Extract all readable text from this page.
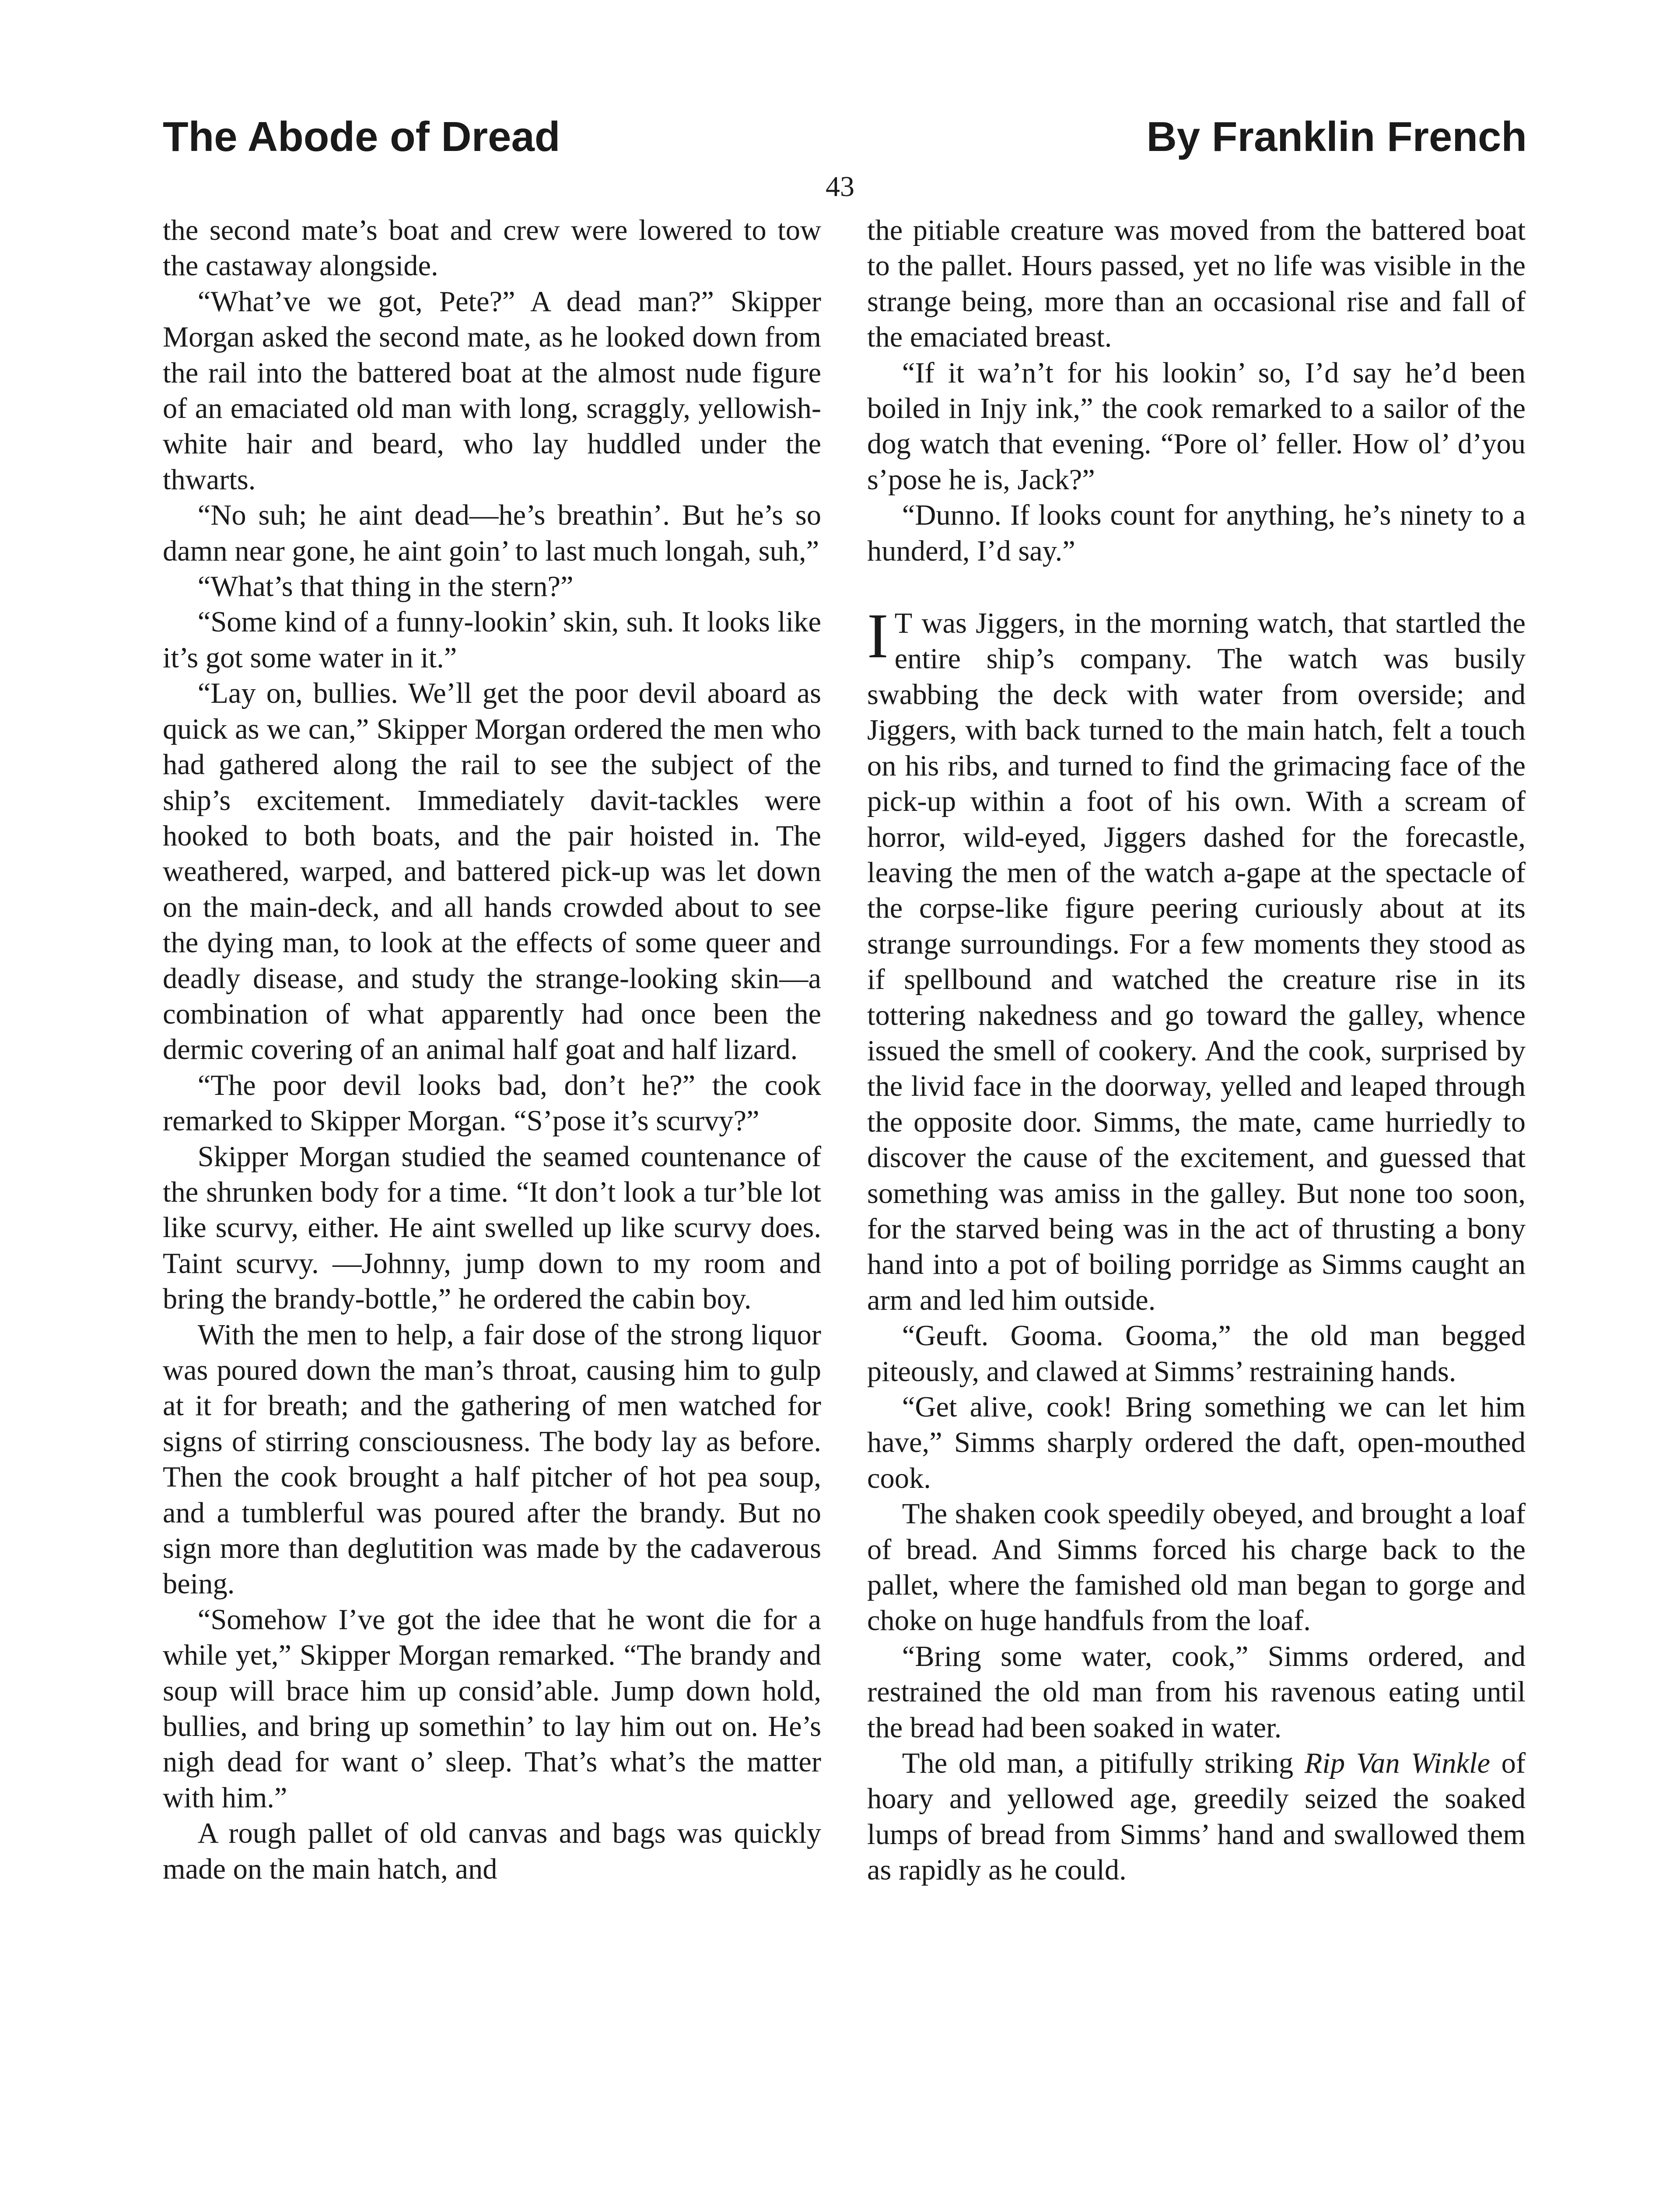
The Abode of Dread	By Franklin French
43

the second mate’s boat and crew were lowered to tow the castaway alongside.

“What’ve we got, Pete?” A dead man?” Skipper Morgan asked the second mate, as he looked down from the rail into the battered boat at the almost nude figure of an emaciated old man with long, scraggly, yellowish-white hair and beard, who lay huddled under the thwarts.

“No suh; he aint dead—he’s breathin’. But he’s so damn near gone, he aint goin’ to last much longah, suh,”

“What’s that thing in the stern?”

“Some kind of a funny-lookin’ skin, suh. It looks like it’s got some water in it.”

“Lay on, bullies. We’ll get the poor devil aboard as quick as we can,” Skipper Morgan ordered the men who had gathered along the rail to see the subject of the ship’s excitement. Immediately davit-tackles were hooked to both boats, and the pair hoisted in. The weathered, warped, and battered pick-up was let down on the main-deck, and all hands crowded about to see the dying man, to look at the effects of some queer and deadly disease, and study the strange-looking skin—a combination of what apparently had once been the dermic covering of an animal half goat and half lizard.

“The poor devil looks bad, don’t he?” the cook remarked to Skipper Morgan. “S’pose it’s scurvy?”

Skipper Morgan studied the seamed countenance of the shrunken body for a time. “It don’t look a tur’ble lot like scurvy, either. He aint swelled up like scurvy does. Taint scurvy. —Johnny, jump down to my room and bring the brandy-bottle,” he ordered the cabin boy.

With the men to help, a fair dose of the strong liquor was poured down the man’s throat, causing him to gulp at it for breath; and the gathering of men watched for signs of stirring consciousness. The body lay as before. Then the cook brought a half pitcher of hot pea soup, and a tumblerful was poured after the brandy. But no sign more than deglutition was made by the cadaverous being.

“Somehow I’ve got the idee that he wont die for a while yet,” Skipper Morgan remarked. “The brandy and soup will brace him up consid’able. Jump down hold, bullies, and bring up somethin’ to lay him out on. He’s nigh dead for want o’ sleep. That’s what’s the matter with him.”

A rough pallet of old canvas and bags was quickly made on the main hatch, and

the pitiable creature was moved from the battered boat to the pallet. Hours passed, yet no life was visible in the strange being, more than an occasional rise and fall of the emaciated breast.

“If it wa’n’t for his lookin’ so, I’d say he’d been boiled in Injy ink,” the cook remarked to a sailor of the dog watch that evening. “Pore ol’ feller. How ol’ d’you s’pose he is, Jack?”

“Dunno. If looks count for anything, he’s ninety to a hunderd, I’d say.”

I T was Jiggers, in the morning watch, that startled the entire ship’s company. The watch was busily swabbing the deck with water from overside; and Jiggers, with back turned to the main hatch, felt a touch on his ribs, and turned to find the grimacing face of the pick-up within a foot of his own. With a scream of horror, wild-eyed, Jiggers dashed for the forecastle, leaving the men of the watch a-gape at the spectacle of the corpse-like figure peering curiously about at its strange surroundings. For a few moments they stood as if spellbound and watched the creature rise in its tottering nakedness and go toward the galley, whence issued the smell of cookery. And the cook, surprised by the livid face in the doorway, yelled and leaped through the opposite door. Simms, the mate, came hurriedly to discover the cause of the excitement, and guessed that something was amiss in the galley. But none too soon, for the starved being was in the act of thrusting a bony hand into a pot of boiling porridge as Simms caught an arm and led him outside.

“Geuft. Gooma. Gooma,” the old man begged piteously, and clawed at Simms’ restraining hands.

“Get alive, cook! Bring something we can let him have,” Simms sharply ordered the daft, open-mouthed cook.

The shaken cook speedily obeyed, and brought a loaf of bread. And Simms forced his charge back to the pallet, where the famished old man began to gorge and choke on huge handfuls from the loaf.

“Bring some water, cook,” Simms ordered, and restrained the old man from his ravenous eating until the bread had been soaked in water.

The old man, a pitifully striking Rip Van Winkle of hoary and yellowed age, greedily seized the soaked lumps of bread from Simms’ hand and swallowed them as rapidly as he could.
